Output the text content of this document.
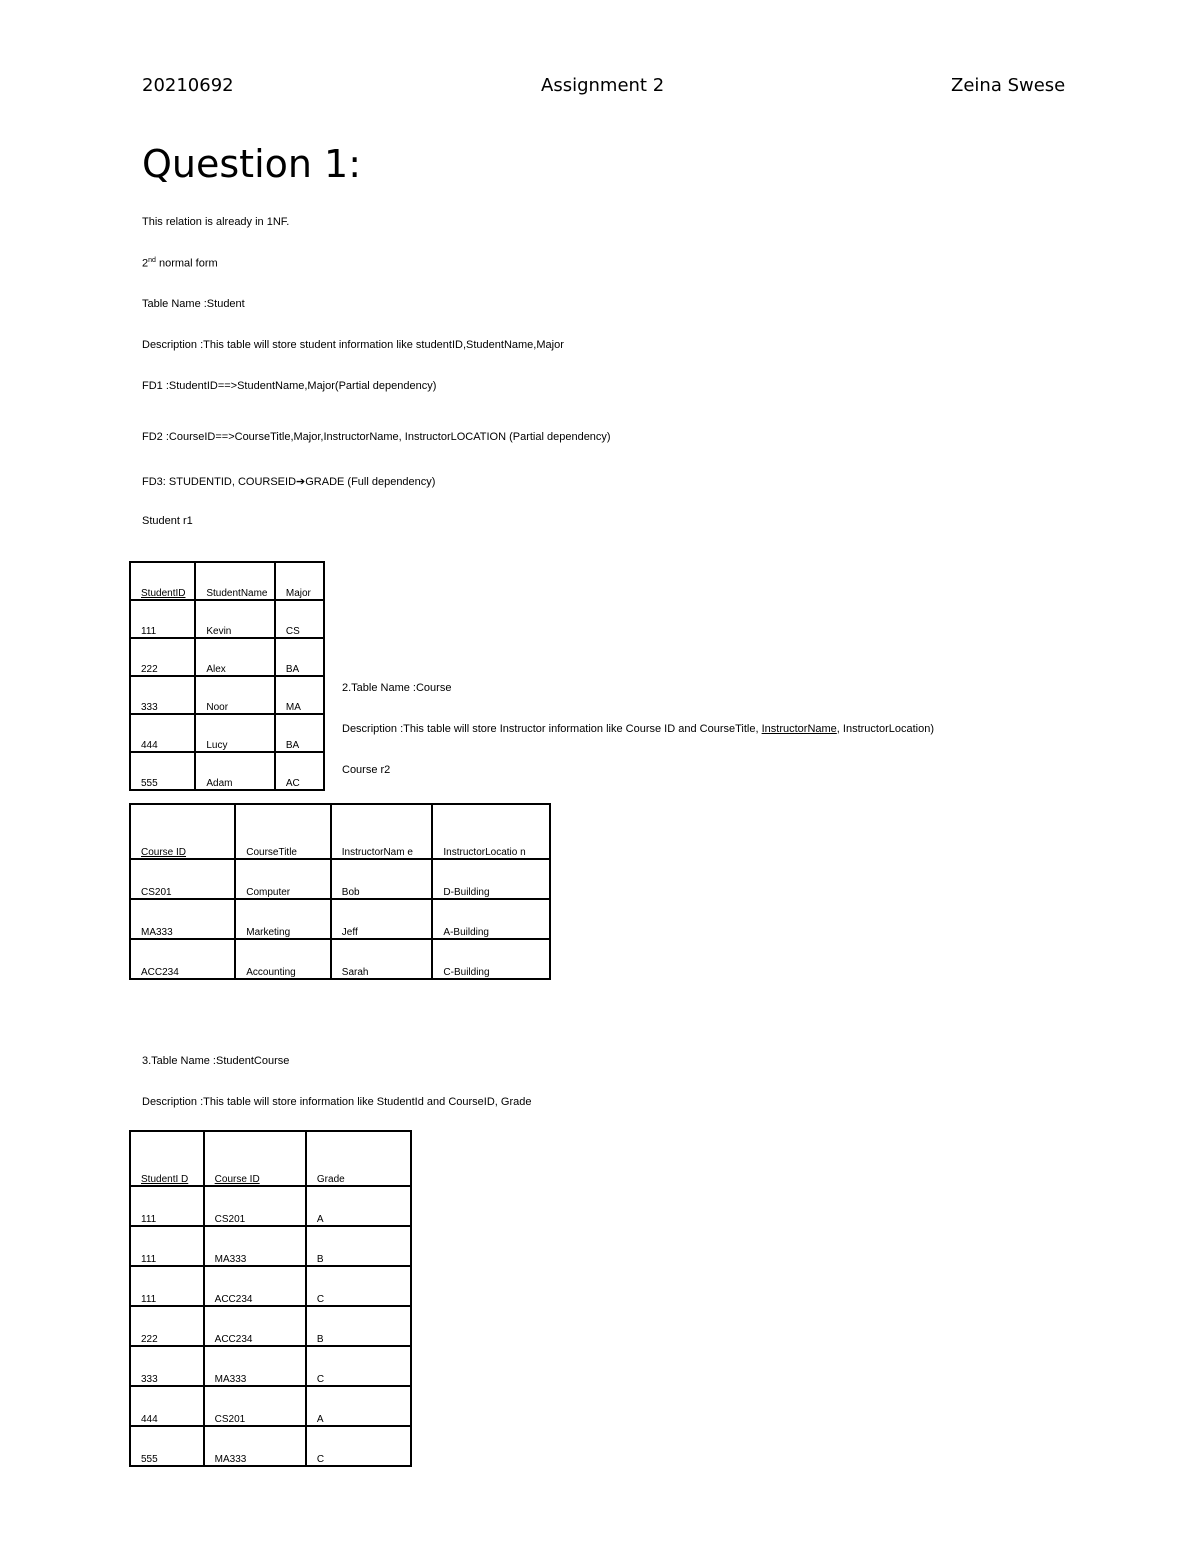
20210692	Assignment 2	Zeina Swese
Question 1:
This relation is already in 1NF.
2nd normal form
Table Name :Student
Description :This table will store student information like studentID,StudentName,Major
FD1 :StudentID==>StudentName,Major(Partial dependency)
FD2 :CourseID==>CourseTitle,Major,InstructorName, InstructorLOCATION (Partial dependency)
FD3: STUDENTID, COURSEID➔GRADE (Full dependency)
Student r1
StudentID	StudentName	Major
111	Kevin	CS
222	Alex	BA
333	Noor	MA
444	Lucy	BA
555	Adam	AC
2.Table Name :Course
Description :This table will store Instructor information like Course ID and CourseTitle, InstructorName, InstructorLocation)
Course r2
Course ID	CourseTitle	InstructorNam e	InstructorLocatio n
CS201	Computer	Bob	D-Building
MA333	Marketing	Jeff	A-Building
ACC234	Accounting	Sarah	C-Building
3.Table Name :StudentCourse
Description :This table will store information like StudentId and CourseID, Grade
StudentI D	Course ID	Grade
111	CS201	A
111	MA333	B
111	ACC234	C
222	ACC234	B
333	MA333	C
444	CS201	A
555	MA333	C
